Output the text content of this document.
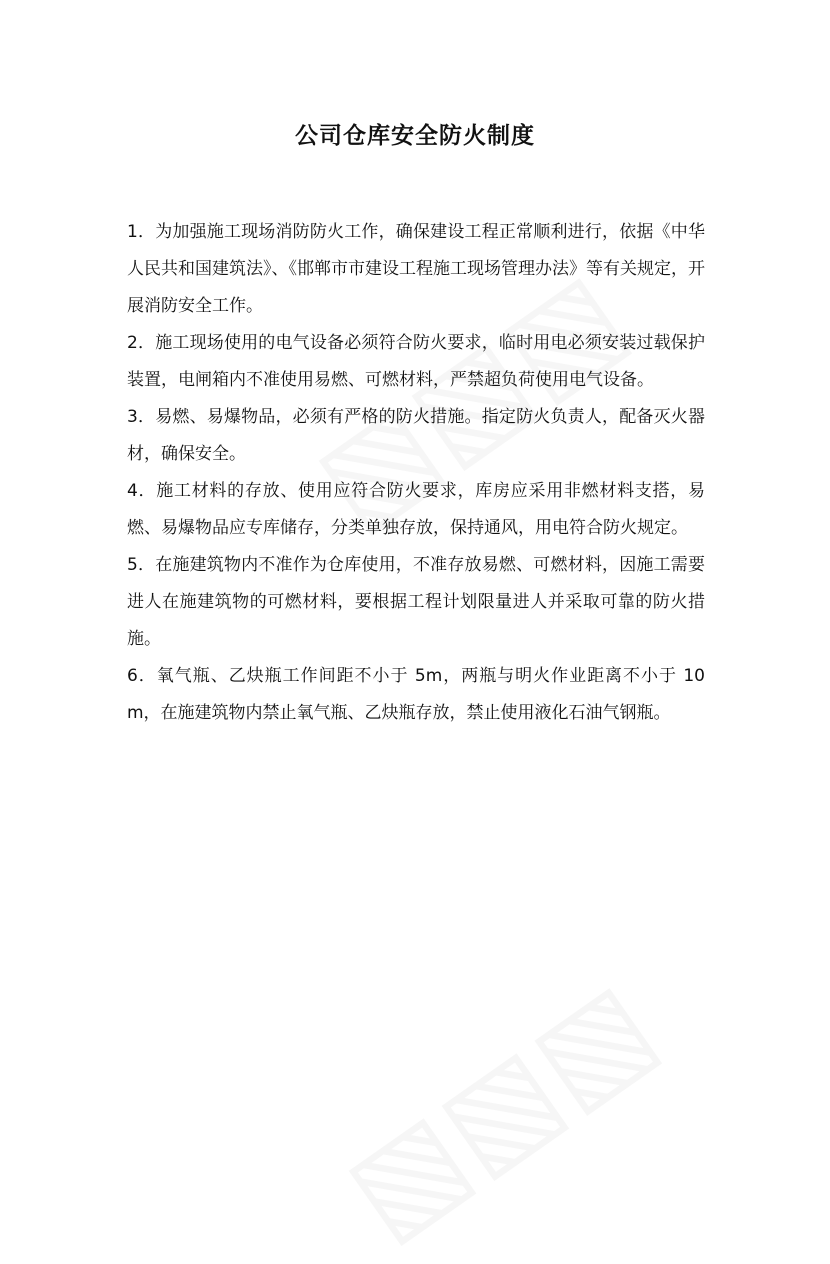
公司仓库安全防火制度

1．为加强施工现场消防防火工作，确保建设工程正常顺利进行，依据《中华人民共和国建筑法》、《邯郸市市建设工程施工现场管理办法》等有关规定，开展消防安全工作。

2．施工现场使用的电气设备必须符合防火要求，临时用电必须安装过载保护装置，电闸箱内不准使用易燃、可燃材料，严禁超负荷使用电气设备。

3．易燃、易爆物品，必须有严格的防火措施。指定防火负责人，配备灭火器材，确保安全。

4．施工材料的存放、使用应符合防火要求，库房应采用非燃材料支搭，易燃、易爆物品应专库储存，分类单独存放，保持通风，用电符合防火规定。

5．在施建筑物内不准作为仓库使用，不准存放易燃、可燃材料，因施工需要进人在施建筑物的可燃材料，要根据工程计划限量进人并采取可靠的防火措施。

6．氧气瓶、乙炔瓶工作间距不小于 5m，两瓶与明火作业距离不小于 10m，在施建筑物内禁止氧气瓶、乙炔瓶存放，禁止使用液化石油气钢瓶。
